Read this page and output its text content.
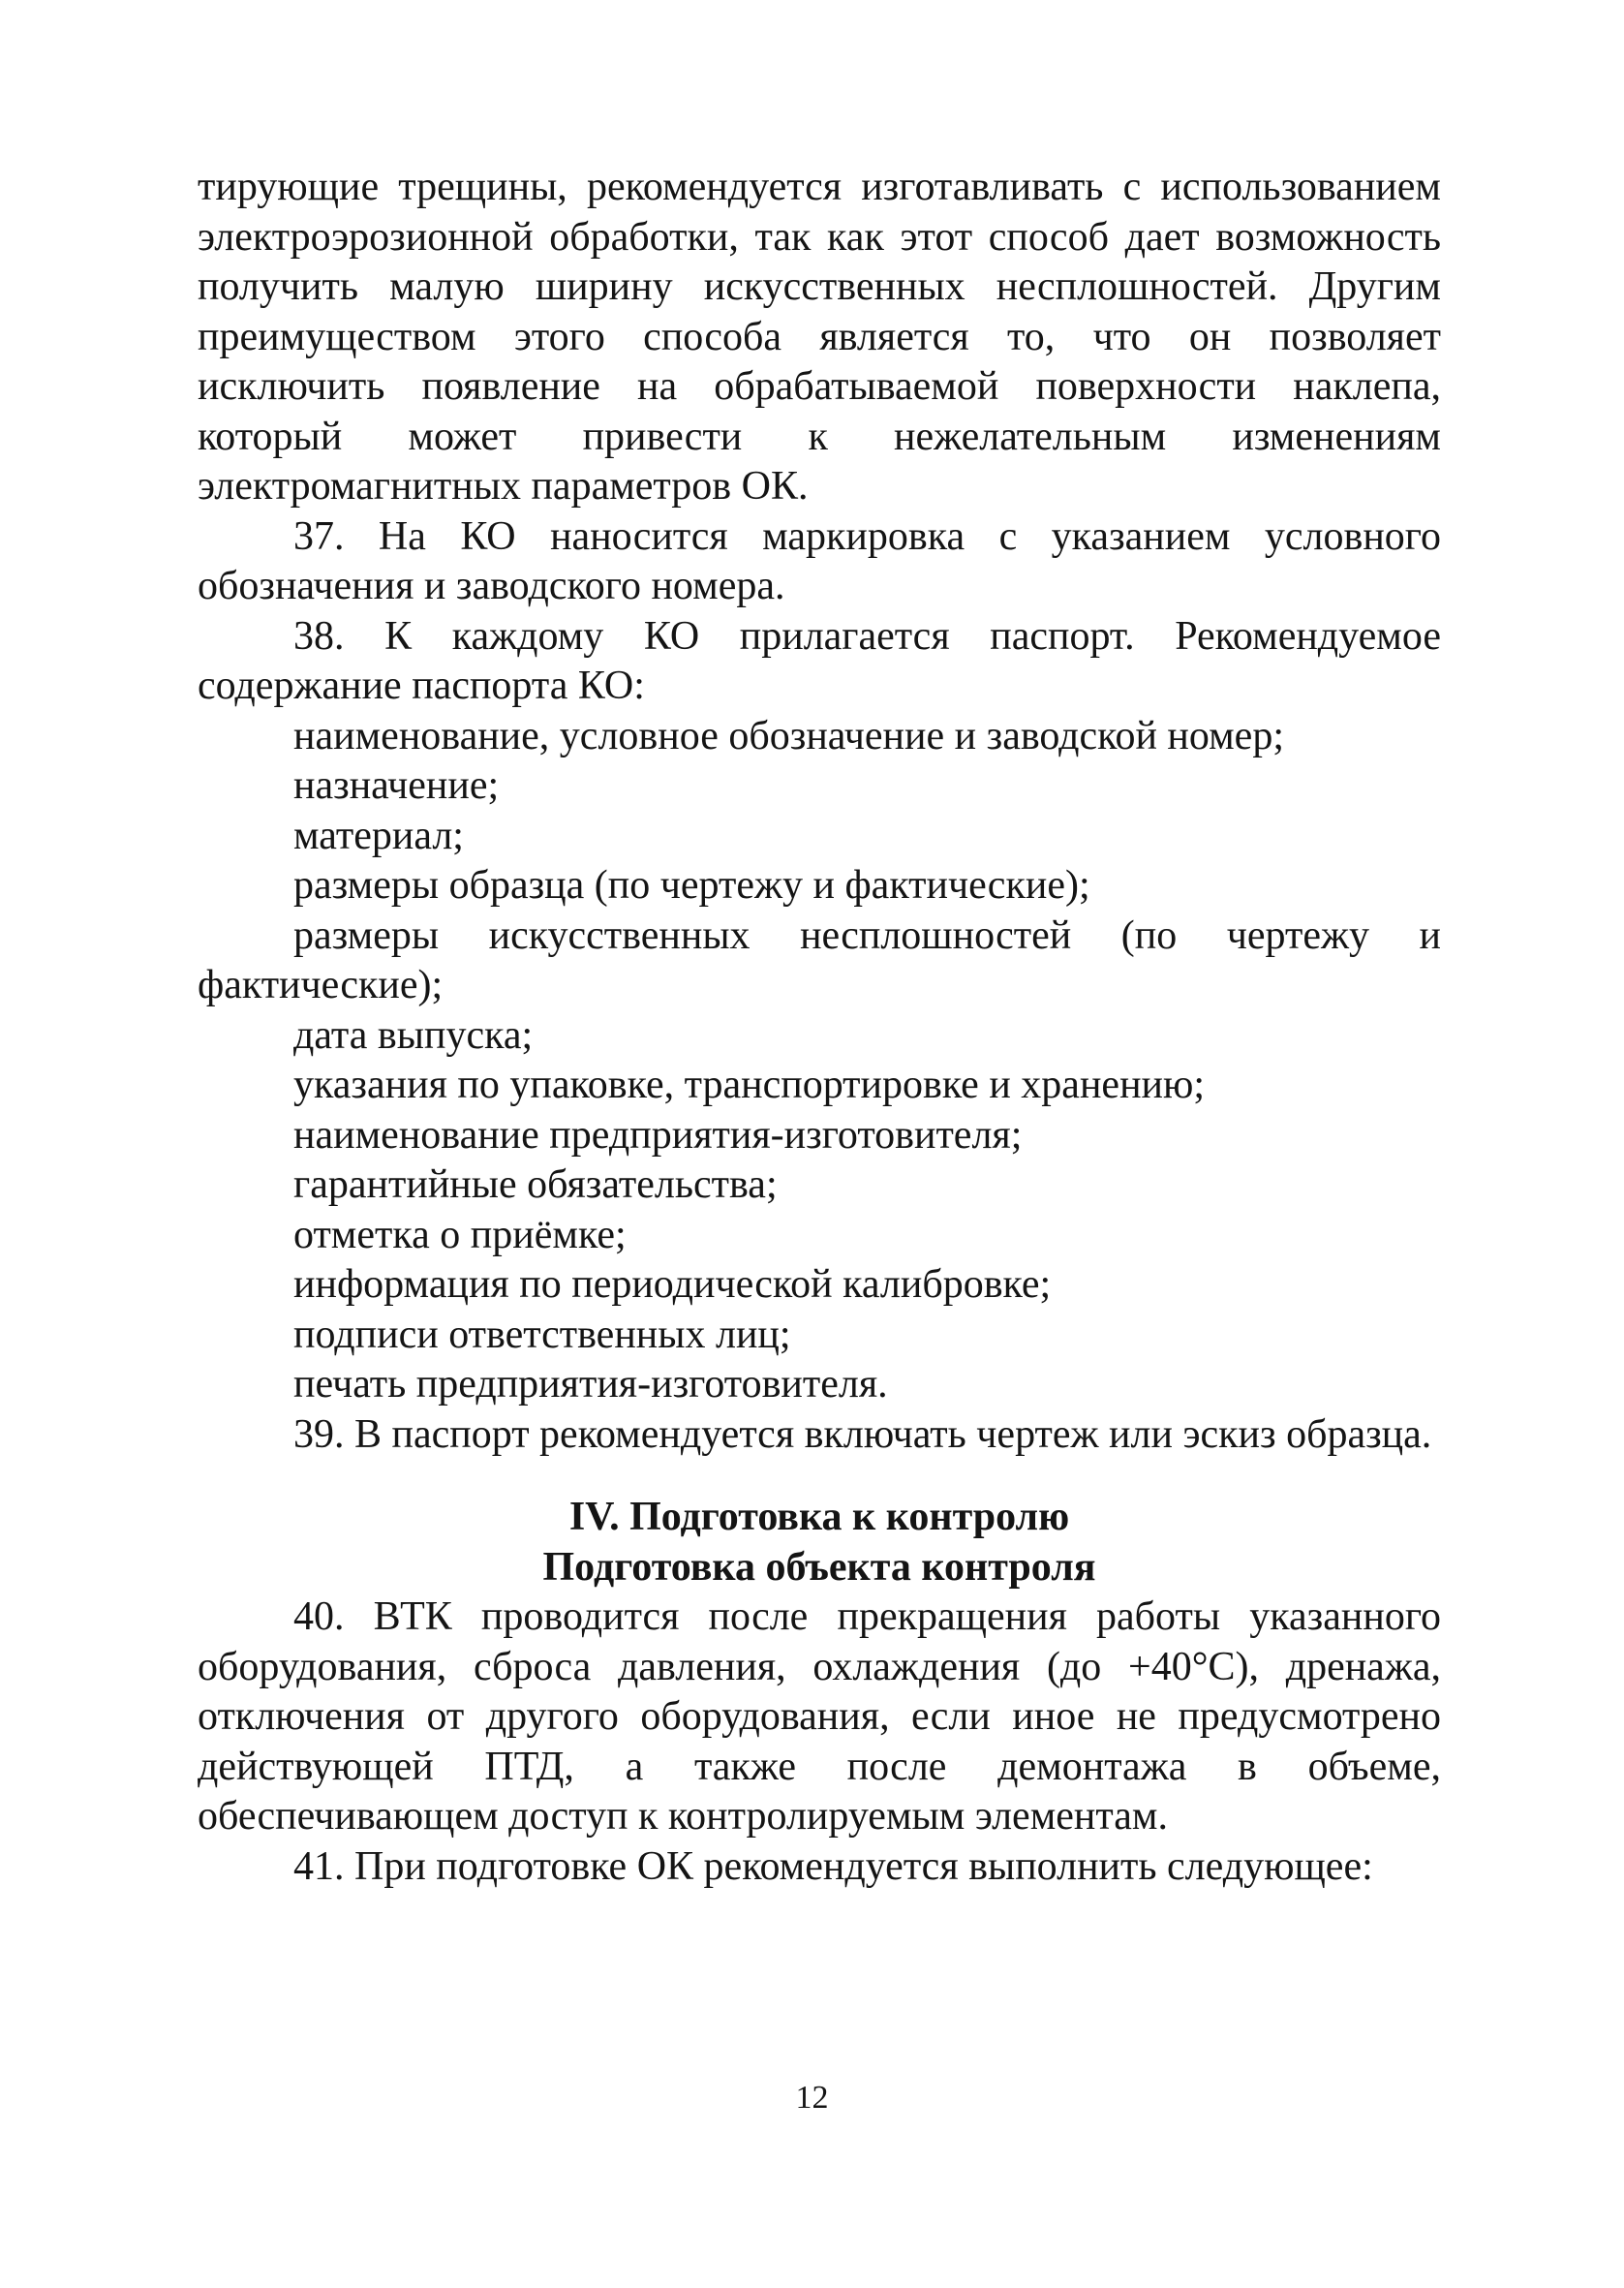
тирующие трещины, рекомендуется изготавливать с использованием электроэрозионной обработки, так как этот способ дает возможность получить малую ширину искусственных несплошностей. Другим преимуществом этого способа является то, что он позволяет исключить появление на обрабатываемой поверхности наклепа, который может привести к нежелательным изменениям электромагнитных параметров ОК.

37. На КО наносится маркировка с указанием условного обозначения и заводского номера.

38. К каждому КО прилагается паспорт. Рекомендуемое содержание паспорта КО:

наименование, условное обозначение и заводской номер;

назначение;

материал;

размеры образца (по чертежу и фактические);

размеры искусственных несплошностей (по чертежу и фактические);

дата выпуска;

указания по упаковке, транспортировке и хранению;

наименование предприятия-изготовителя;

гарантийные обязательства;

отметка о приёмке;

информация по периодической калибровке;

подписи ответственных лиц;

печать предприятия-изготовителя.

39. В паспорт рекомендуется включать чертеж или эскиз образца.

IV. Подготовка к контролю

Подготовка объекта контроля

40. ВТК проводится после прекращения работы указанного оборудования, сброса давления, охлаждения (до +40°С), дренажа, отключения от другого оборудования, если иное не предусмотрено действующей ПТД, а также после демонтажа в объеме, обеспечивающем доступ к контролируемым элементам.

41. При подготовке ОК рекомендуется выполнить следующее:

12
